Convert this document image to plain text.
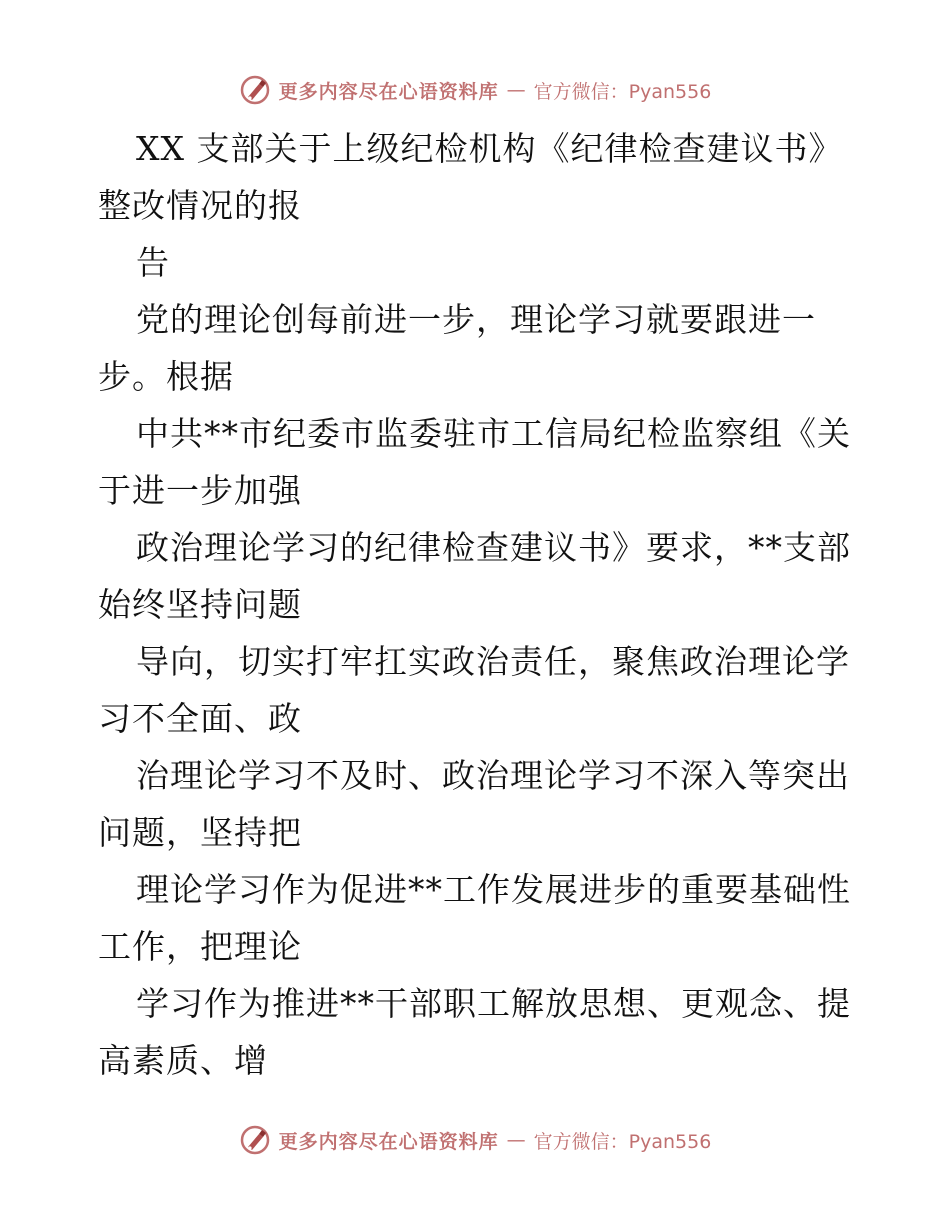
更多内容尽在心语资料库 — 官方微信：Pyan556
XX 支部关于上级纪检机构《纪律检查建议书》
整改情况的报
告
党的理论创每前进一步，理论学习就要跟进一
步。根据
中共**市纪委市监委驻市工信局纪检监察组《关
于进一步加强
政治理论学习的纪律检查建议书》要求，**支部
始终坚持问题
导向，切实打牢扛实政治责任，聚焦政治理论学
习不全面、政
治理论学习不及时、政治理论学习不深入等突出
问题，坚持把
理论学习作为促进**工作发展进步的重要基础性
工作，把理论
学习作为推进**干部职工解放思想、更观念、提
高素质、增
更多内容尽在心语资料库 — 官方微信：Pyan556
